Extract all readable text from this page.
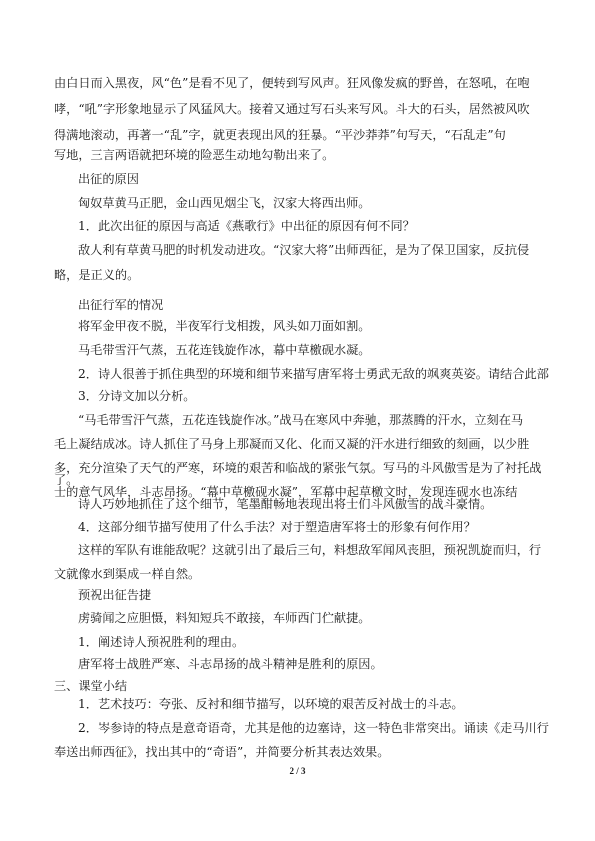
由白日而入黑夜，风“色”是看不见了，便转到写风声。狂风像发疯的野兽，在怒吼，在咆
哮，“吼”字形象地显示了风猛风大。接着又通过写石头来写风。斗大的石头，居然被风吹
得满地滚动，再著一“乱”字，就更表现出风的狂暴。“平沙莽莽”句写天，“石乱走”句
写地，三言两语就把环境的险恶生动地勾勒出来了。
出征的原因
匈奴草黄马正肥，金山西见烟尘飞，汉家大将西出师。
1．此次出征的原因与高适《燕歌行》中出征的原因有何不同？
敌人利有草黄马肥的时机发动进攻。“汉家大将”出师西征，是为了保卫国家，反抗侵
略，是正义的。
出征行军的情况
将军金甲夜不脱，半夜军行戈相拨，风头如刀面如割。
马毛带雪汗气蒸，五花连钱旋作冰，幕中草檄砚水凝。
2．诗人很善于抓住典型的环境和细节来描写唐军将士勇武无敌的飒爽英姿。请结合此部
3．分诗文加以分析。
“马毛带雪汗气蒸，五花连钱旋作冰。”战马在寒风中奔驰，那蒸腾的汗水，立刻在马
毛上凝结成冰。诗人抓住了马身上那凝而又化、化而又凝的汗水进行细致的刻画，以少胜
多，充分渲染了天气的严寒，环境的艰苦和临战的紧张气氛。写马的斗风傲雪是为了衬托战
士的意气风华，斗志昂扬。“幕中草檄砚水凝”，军幕中起草檄文时，发现连砚水也冻结
了。
诗人巧妙地抓住了这个细节，笔墨酣畅地表现出将士们斗风傲雪的战斗豪情。
4．这部分细节描写使用了什么手法？对于塑造唐军将士的形象有何作用？
这样的军队有谁能敌呢？这就引出了最后三句，料想敌军闻风丧胆，预祝凯旋而归，行
文就像水到渠成一样自然。
预祝出征告捷
虏骑闻之应胆慑，料知短兵不敢接，车师西门伫献捷。
1．阐述诗人预祝胜利的理由。
唐军将士战胜严寒、斗志昂扬的战斗精神是胜利的原因。
三、课堂小结
2 / 3
1．艺术技巧：夸张、反衬和细节描写，以环境的艰苦反衬战士的斗志。
2．岑参诗的特点是意奇语奇，尤其是他的边塞诗，这一特色非常突出。诵读《走马川行
奉送出师西征》，找出其中的“奇语”，并简要分析其表达效果。
